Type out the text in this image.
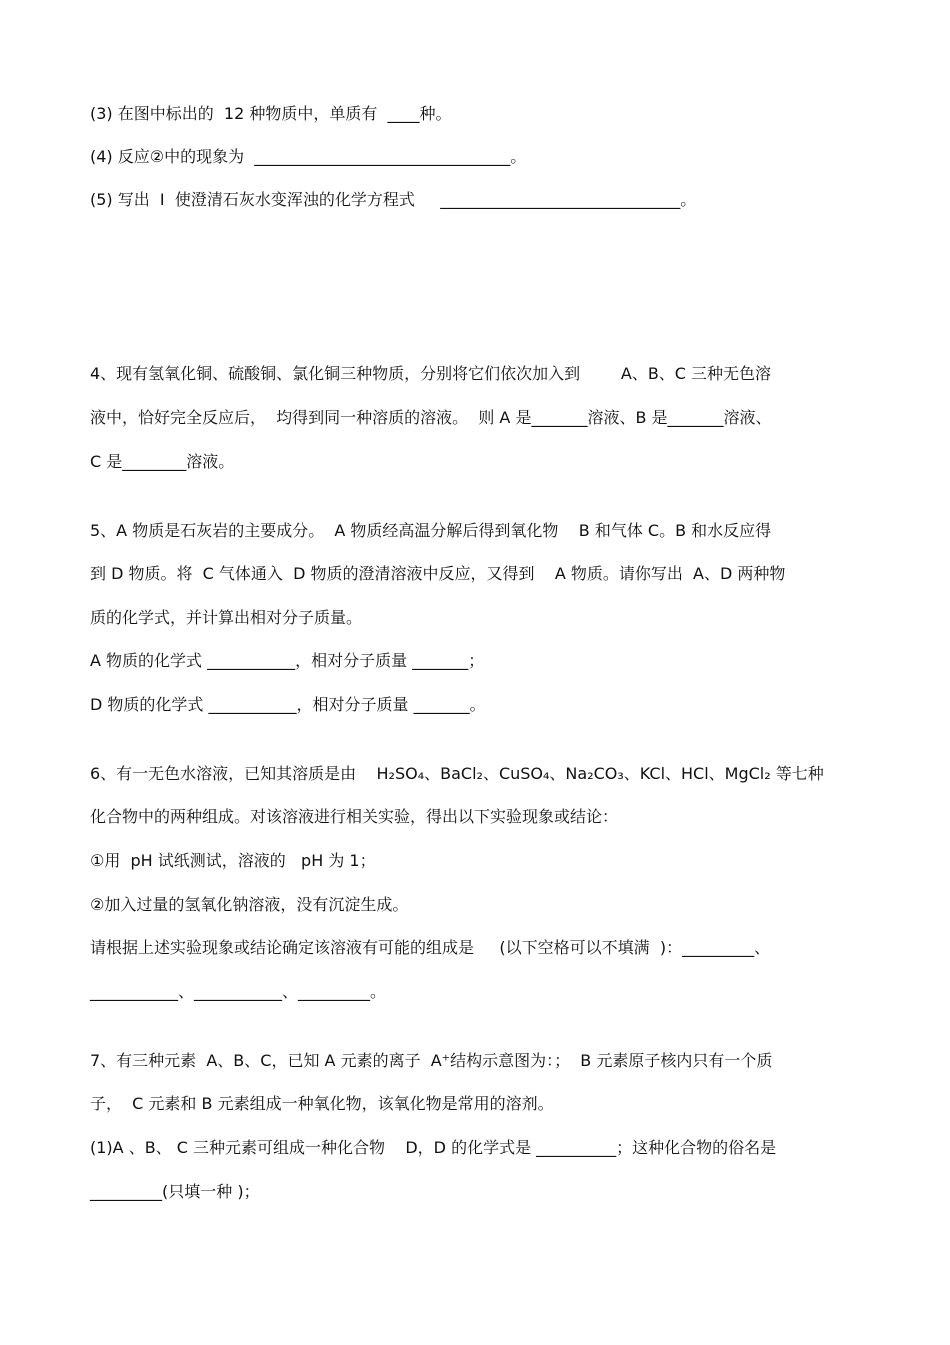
(3) 在图中标出的  12 种物质中，单质有  ____种。
(4) 反应②中的现象为  ________________________________。
(5) 写出  I  使澄清石灰水变浑浊的化学方程式     ______________________________。
4、现有氢氧化铜、硫酸铜、氯化铜三种物质，分别将它们依次加入到        A、B、C 三种无色溶
液中，恰好完全反应后，  均得到同一种溶质的溶液。  则 A 是_______溶液、B 是_______溶液、
C 是________溶液。
5、A 物质是石灰岩的主要成分。  A 物质经高温分解后得到氧化物    B 和气体 C。B 和水反应得
到 D 物质。将  C 气体通入  D 物质的澄清溶液中反应，又得到    A 物质。请你写出  A、D 两种物
质的化学式，并计算出相对分子质量。
A 物质的化学式 ___________，相对分子质量 _______；
D 物质的化学式 ___________，相对分子质量 _______。
6、有一无色水溶液，已知其溶质是由    H₂SO₄、BaCl₂、CuSO₄、Na₂CO₃、KCl、HCl、MgCl₂ 等七种
化合物中的两种组成。对该溶液进行相关实验，得出以下实验现象或结论：
①用  pH 试纸测试，溶液的   pH 为 1；
②加入过量的氢氧化钠溶液，没有沉淀生成。
请根据上述实验现象或结论确定该溶液有可能的组成是     (以下空格可以不填满  )：_________、
___________、___________、_________。
7、有三种元素  A、B、C，已知 A 元素的离子  A⁺结构示意图为：；  B 元素原子核内只有一个质
子，  C 元素和 B 元素组成一种氧化物，该氧化物是常用的溶剂。
(1)A 、B、 C 三种元素可组成一种化合物    D，D 的化学式是 __________；这种化合物的俗名是
_________(只填一种 )；
